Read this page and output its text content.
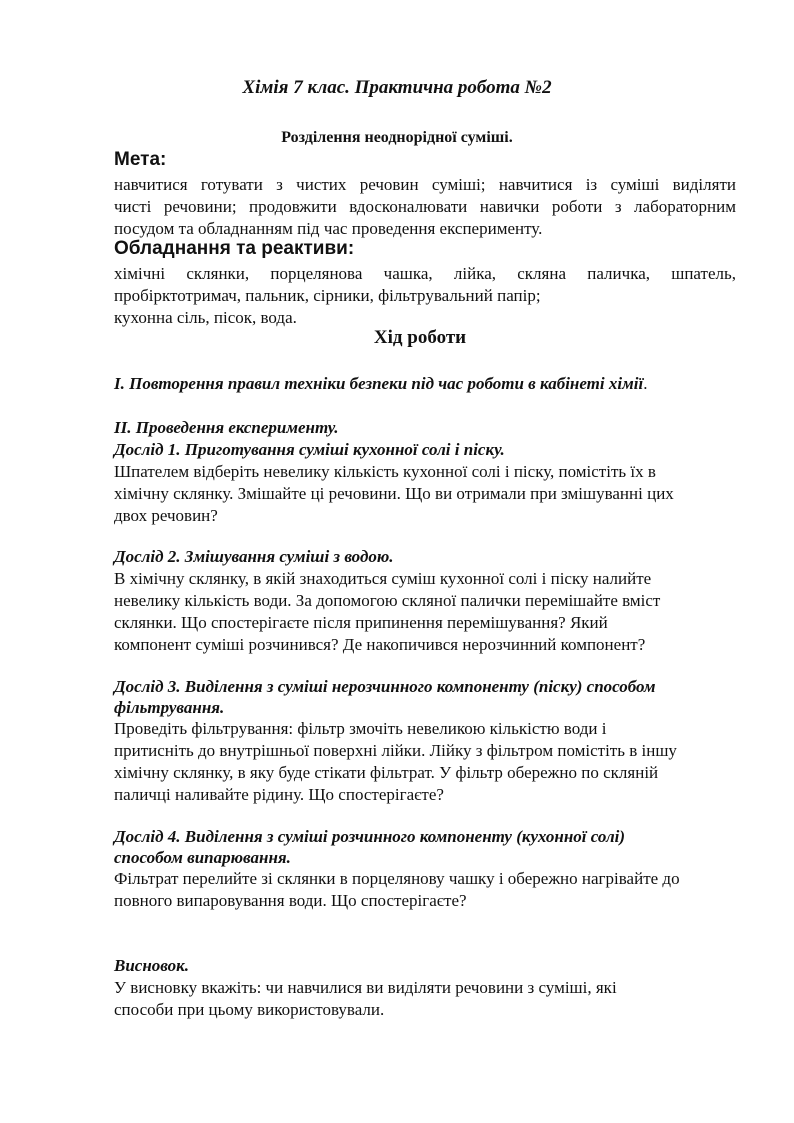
Хімія 7 клас. Практична робота №2
Розділення неоднорідної суміші.
Мета:
навчитися готувати з чистих речовин суміші; навчитися із суміші виділяти
чисті речовини; продовжити вдосконалювати навички роботи з лабораторним
посудом та обладнанням під час проведення експерименту.
Обладнання та реактиви:
хімічні склянки, порцелянова чашка, лійка, скляна паличка, шпатель,
пробірктотримач, пальник, сірники, фільтрувальний папір;
кухонна сіль, пісок, вода.
Хід роботи
I. Повторення правил техніки безпеки під час роботи в кабінеті хімії.
II. Проведення експерименту.
Дослід 1. Приготування суміші кухонної солі і піску.
Шпателем відберіть невелику кількість кухонної солі і піску, помістіть їх в
хімічну склянку. Змішайте ці речовини. Що ви отримали при змішуванні цих
двох речовин?
Дослід 2. Змішування суміші з водою.
В хімічну склянку, в якій знаходиться суміш кухонної солі і піску налийте
невелику кількість води. За допомогою скляної палички перемішайте вміст
склянки. Що спостерігаєте після припинення перемішування? Який
компонент суміші розчинився? Де накопичився нерозчинний компонент?
Дослід 3. Виділення з суміші нерозчинного компоненту (піску) способом
фільтрування.
Проведіть фільтрування: фільтр змочіть невеликою кількістю води і
притисніть до внутрішньої поверхні лійки. Лійку з фільтром помістіть в іншу
хімічну склянку, в яку буде стікати фільтрат. У фільтр обережно по скляній
паличці наливайте рідину. Що спостерігаєте?
Дослід 4. Виділення з суміші розчинного компоненту (кухонної солі)
способом випарювання.
Фільтрат перелийте зі склянки в порцелянову чашку і обережно нагрівайте до
повного випаровування води. Що спостерігаєте?
Висновок.
У висновку вкажіть: чи навчилися ви виділяти речовини з суміші, які
способи при цьому використовували.
